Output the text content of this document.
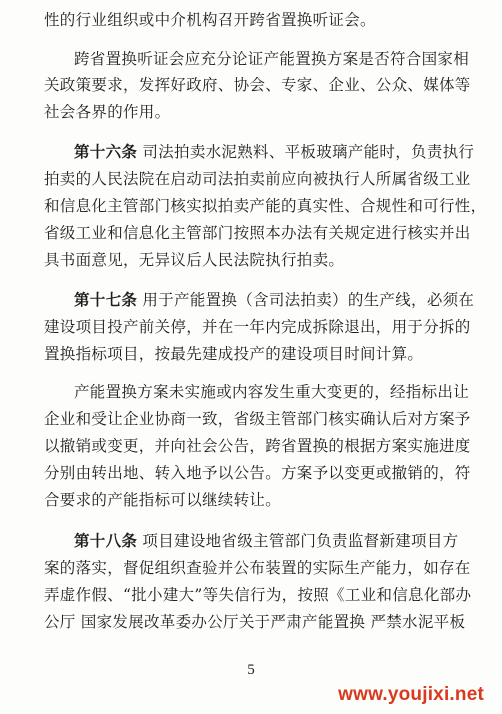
性的行业组织或中介机构召开跨省置换听证会。
跨省置换听证会应充分论证产能置换方案是否符合国家相
关政策要求，发挥好政府、协会、专家、企业、公众、媒体等
社会各界的作用。
第十六条 司法拍卖水泥熟料、平板玻璃产能时，负责执行
拍卖的人民法院在启动司法拍卖前应向被执行人所属省级工业
和信息化主管部门核实拟拍卖产能的真实性、合规性和可行性，
省级工业和信息化主管部门按照本办法有关规定进行核实并出
具书面意见，无异议后人民法院执行拍卖。
第十七条 用于产能置换（含司法拍卖）的生产线，必须在
建设项目投产前关停，并在一年内完成拆除退出，用于分拆的
置换指标项目，按最先建成投产的建设项目时间计算。
产能置换方案未实施或内容发生重大变更的，经指标出让
企业和受让企业协商一致，省级主管部门核实确认后对方案予
以撤销或变更，并向社会公告，跨省置换的根据方案实施进度
分别由转出地、转入地予以公告。方案予以变更或撤销的，符
合要求的产能指标可以继续转让。
第十八条 项目建设地省级主管部门负责监督新建项目方
案的落实，督促组织查验并公布装置的实际生产能力，如存在
弄虚作假、“批小建大”等失信行为，按照《工业和信息化部办
公厅 国家发展改革委办公厅关于严肃产能置换 严禁水泥平板
5
www.youjixi.net
